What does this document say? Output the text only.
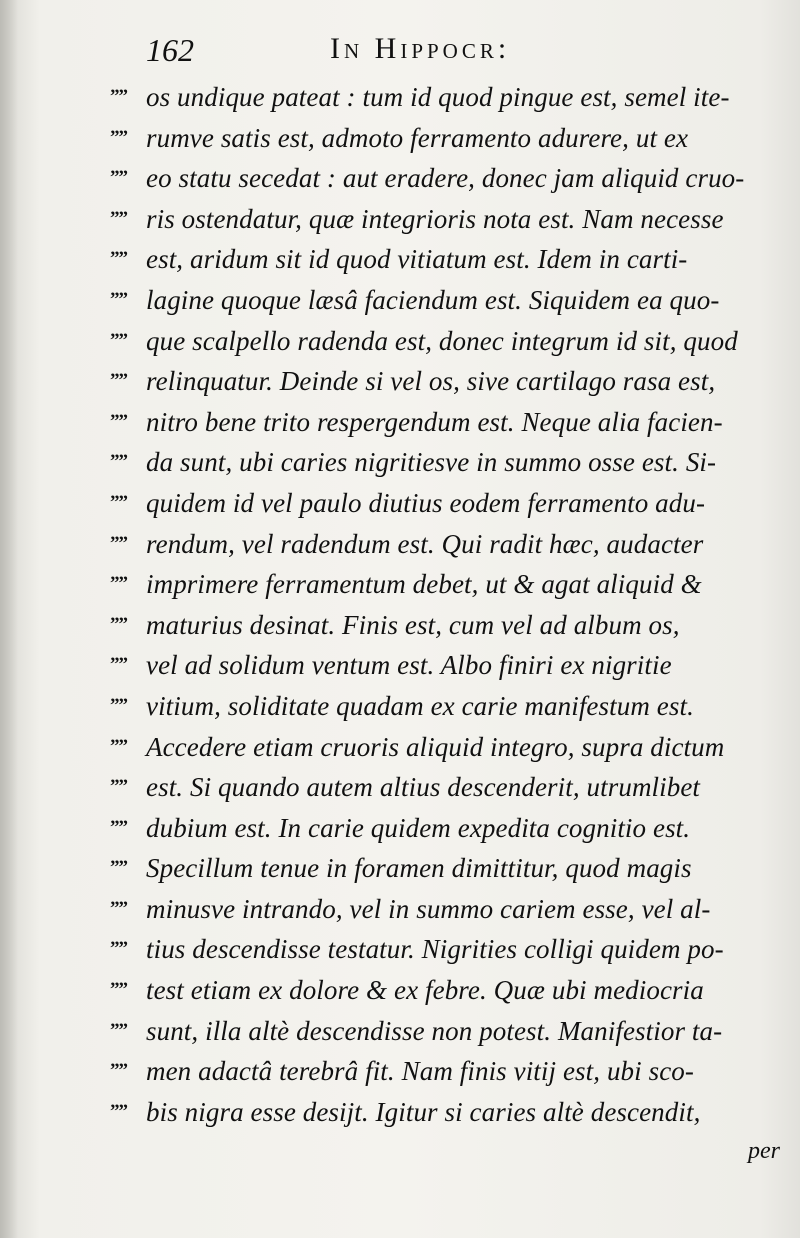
162	In Hippocr:
”” os undique pateat : tum id quod pingue est, semel ite-
”” rumve satis est, admoto ferramento adurere, ut ex
”” eo statu secedat : aut eradere, donec jam aliquid cruo-
”” ris ostendatur, quæ integrioris nota est. Nam necesse
”” est, aridum sit id quod vitiatum est. Idem in carti-
”” lagine quoque læsâ faciendum est. Siquidem ea quo-
”” que scalpello radenda est, donec integrum id sit, quod
”” relinquatur. Deinde si vel os, sive cartilago rasa est,
”” nitro bene trito respergendum est. Neque alia facien-
”” da sunt, ubi caries nigritiesve in summo osse est. Si-
”” quidem id vel paulo diutius eodem ferramento adu-
”” rendum, vel radendum est. Qui radit hæc, audacter
”” imprimere ferramentum debet, ut & agat aliquid &
”” maturius desinat. Finis est, cum vel ad album os,
”” vel ad solidum ventum est. Albo finiri ex nigritie
”” vitium, soliditate quadam ex carie manifestum est.
”” Accedere etiam cruoris aliquid integro, supra dictum
”” est. Si quando autem altius descenderit, utrumlibet
”” dubium est. In carie quidem expedita cognitio est.
”” Specillum tenue in foramen dimittitur, quod magis
”” minusve intrando, vel in summo cariem esse, vel al-
”” tius descendisse testatur. Nigrities colligi quidem po-
”” test etiam ex dolore & ex febre. Quæ ubi mediocria
”” sunt, illa altè descendisse non potest. Manifestior ta-
”” men adactâ terebrâ fit. Nam finis vitij est, ubi sco-
”” bis nigra esse desijt. Igitur si caries altè descendit,
per
